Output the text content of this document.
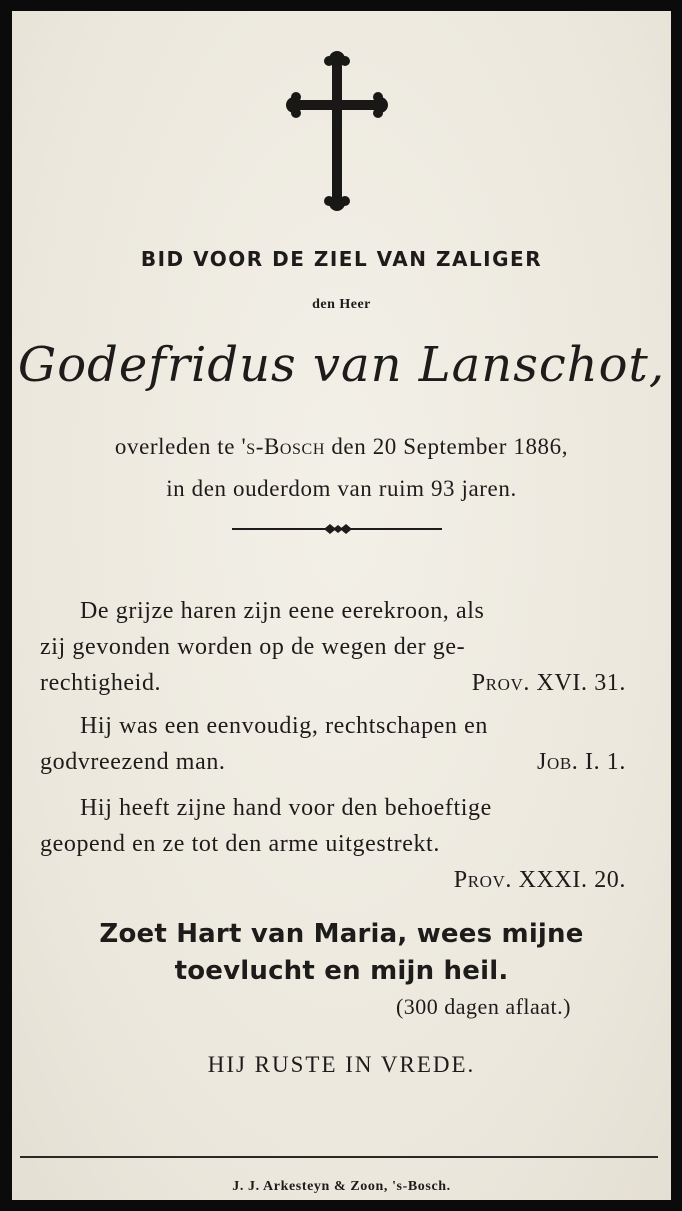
BID VOOR DE ZIEL VAN ZALIGER
den Heer
Godefridus van Lanschot,
overleden te 's-Bosch den 20 September 1886,
in den ouderdom van ruim 93 jaren.
De grijze haren zijn eene eerekroon, als
zij gevonden worden op de wegen der ge-
rechtigheid.	Prov. XVI. 31.
Hij was een eenvoudig, rechtschapen en
godvreezend man.	Job. I. 1.
Hij heeft zijne hand voor den behoeftige
geopend en ze tot den arme uitgestrekt.
Prov. XXXI. 20.
Zoet Hart van Maria, wees mijne
toevlucht en mijn heil.
(300 dagen aflaat.)
HIJ RUSTE IN VREDE.
J. J. Arkesteyn & Zoon, 's-Bosch.
